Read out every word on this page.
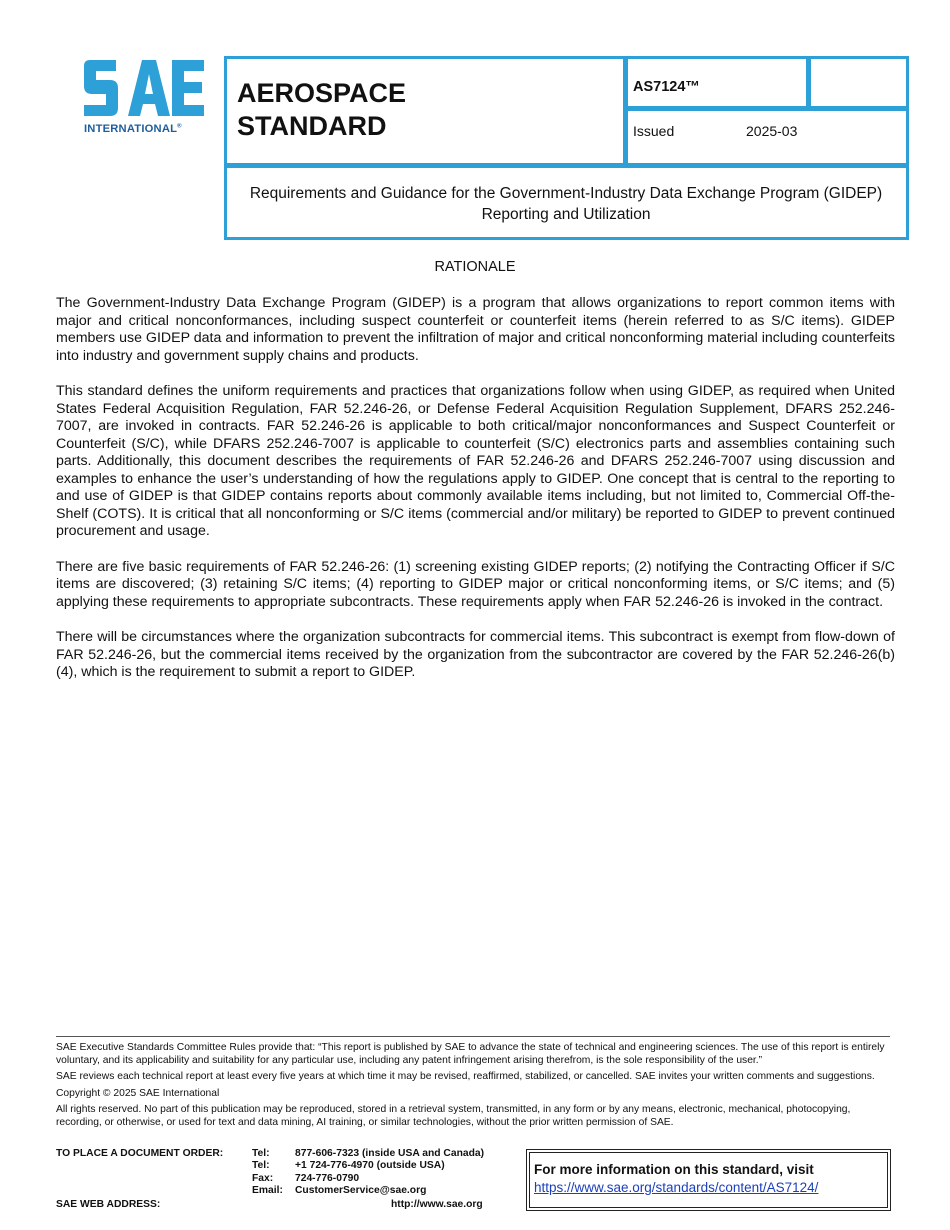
INTERNATIONAL®
AEROSPACE
STANDARD
AS7124™
Issued	2025-03
Requirements and Guidance for the Government-Industry Data Exchange Program (GIDEP) Reporting and Utilization
RATIONALE

The Government-Industry Data Exchange Program (GIDEP) is a program that allows organizations to report common items with major and critical nonconformances, including suspect counterfeit or counterfeit items (herein referred to as S/C items). GIDEP members use GIDEP data and information to prevent the infiltration of major and critical nonconforming material including counterfeits into industry and government supply chains and products.

This standard defines the uniform requirements and practices that organizations follow when using GIDEP, as required when United States Federal Acquisition Regulation, FAR 52.246-26, or Defense Federal Acquisition Regulation Supplement, DFARS 252.246-7007, are invoked in contracts. FAR 52.246-26 is applicable to both critical/major nonconformances and Suspect Counterfeit or Counterfeit (S/C), while DFARS 252.246-7007 is applicable to counterfeit (S/C) electronics parts and assemblies containing such parts. Additionally, this document describes the requirements of FAR 52.246-26 and DFARS 252.246-7007 using discussion and examples to enhance the user’s understanding of how the regulations apply to GIDEP. One concept that is central to the reporting to and use of GIDEP is that GIDEP contains reports about commonly available items including, but not limited to, Commercial Off-the-Shelf (COTS). It is critical that all nonconforming or S/C items (commercial and/or military) be reported to GIDEP to prevent continued procurement and usage.

There are five basic requirements of FAR 52.246-26: (1) screening existing GIDEP reports; (2) notifying the Contracting Officer if S/C items are discovered; (3) retaining S/C items; (4) reporting to GIDEP major or critical nonconforming items, or S/C items; and (5) applying these requirements to appropriate subcontracts. These requirements apply when FAR 52.246-26 is invoked in the contract.

There will be circumstances where the organization subcontracts for commercial items. This subcontract is exempt from flow-down of FAR 52.246-26, but the commercial items received by the organization from the subcontractor are covered by the FAR 52.246-26(b)(4), which is the requirement to submit a report to GIDEP.

SAE Executive Standards Committee Rules provide that: “This report is published by SAE to advance the state of technical and engineering sciences. The use of this report is entirely voluntary, and its applicability and suitability for any particular use, including any patent infringement arising therefrom, is the sole responsibility of the user.”

SAE reviews each technical report at least every five years at which time it may be revised, reaffirmed, stabilized, or cancelled. SAE invites your written comments and suggestions.

Copyright © 2025 SAE International

All rights reserved. No part of this publication may be reproduced, stored in a retrieval system, transmitted, in any form or by any means, electronic, mechanical, photocopying, recording, or otherwise, or used for text and data mining, AI training, or similar technologies, without the prior written permission of SAE.

TO PLACE A DOCUMENT ORDER:	Tel: 877-606-7323 (inside USA and Canada)
Tel: +1 724-776-4970 (outside USA)
Fax: 724-776-0790
Email: CustomerService@sae.org
SAE WEB ADDRESS:	http://www.sae.org
For more information on this standard, visit
https://www.sae.org/standards/content/AS7124/
